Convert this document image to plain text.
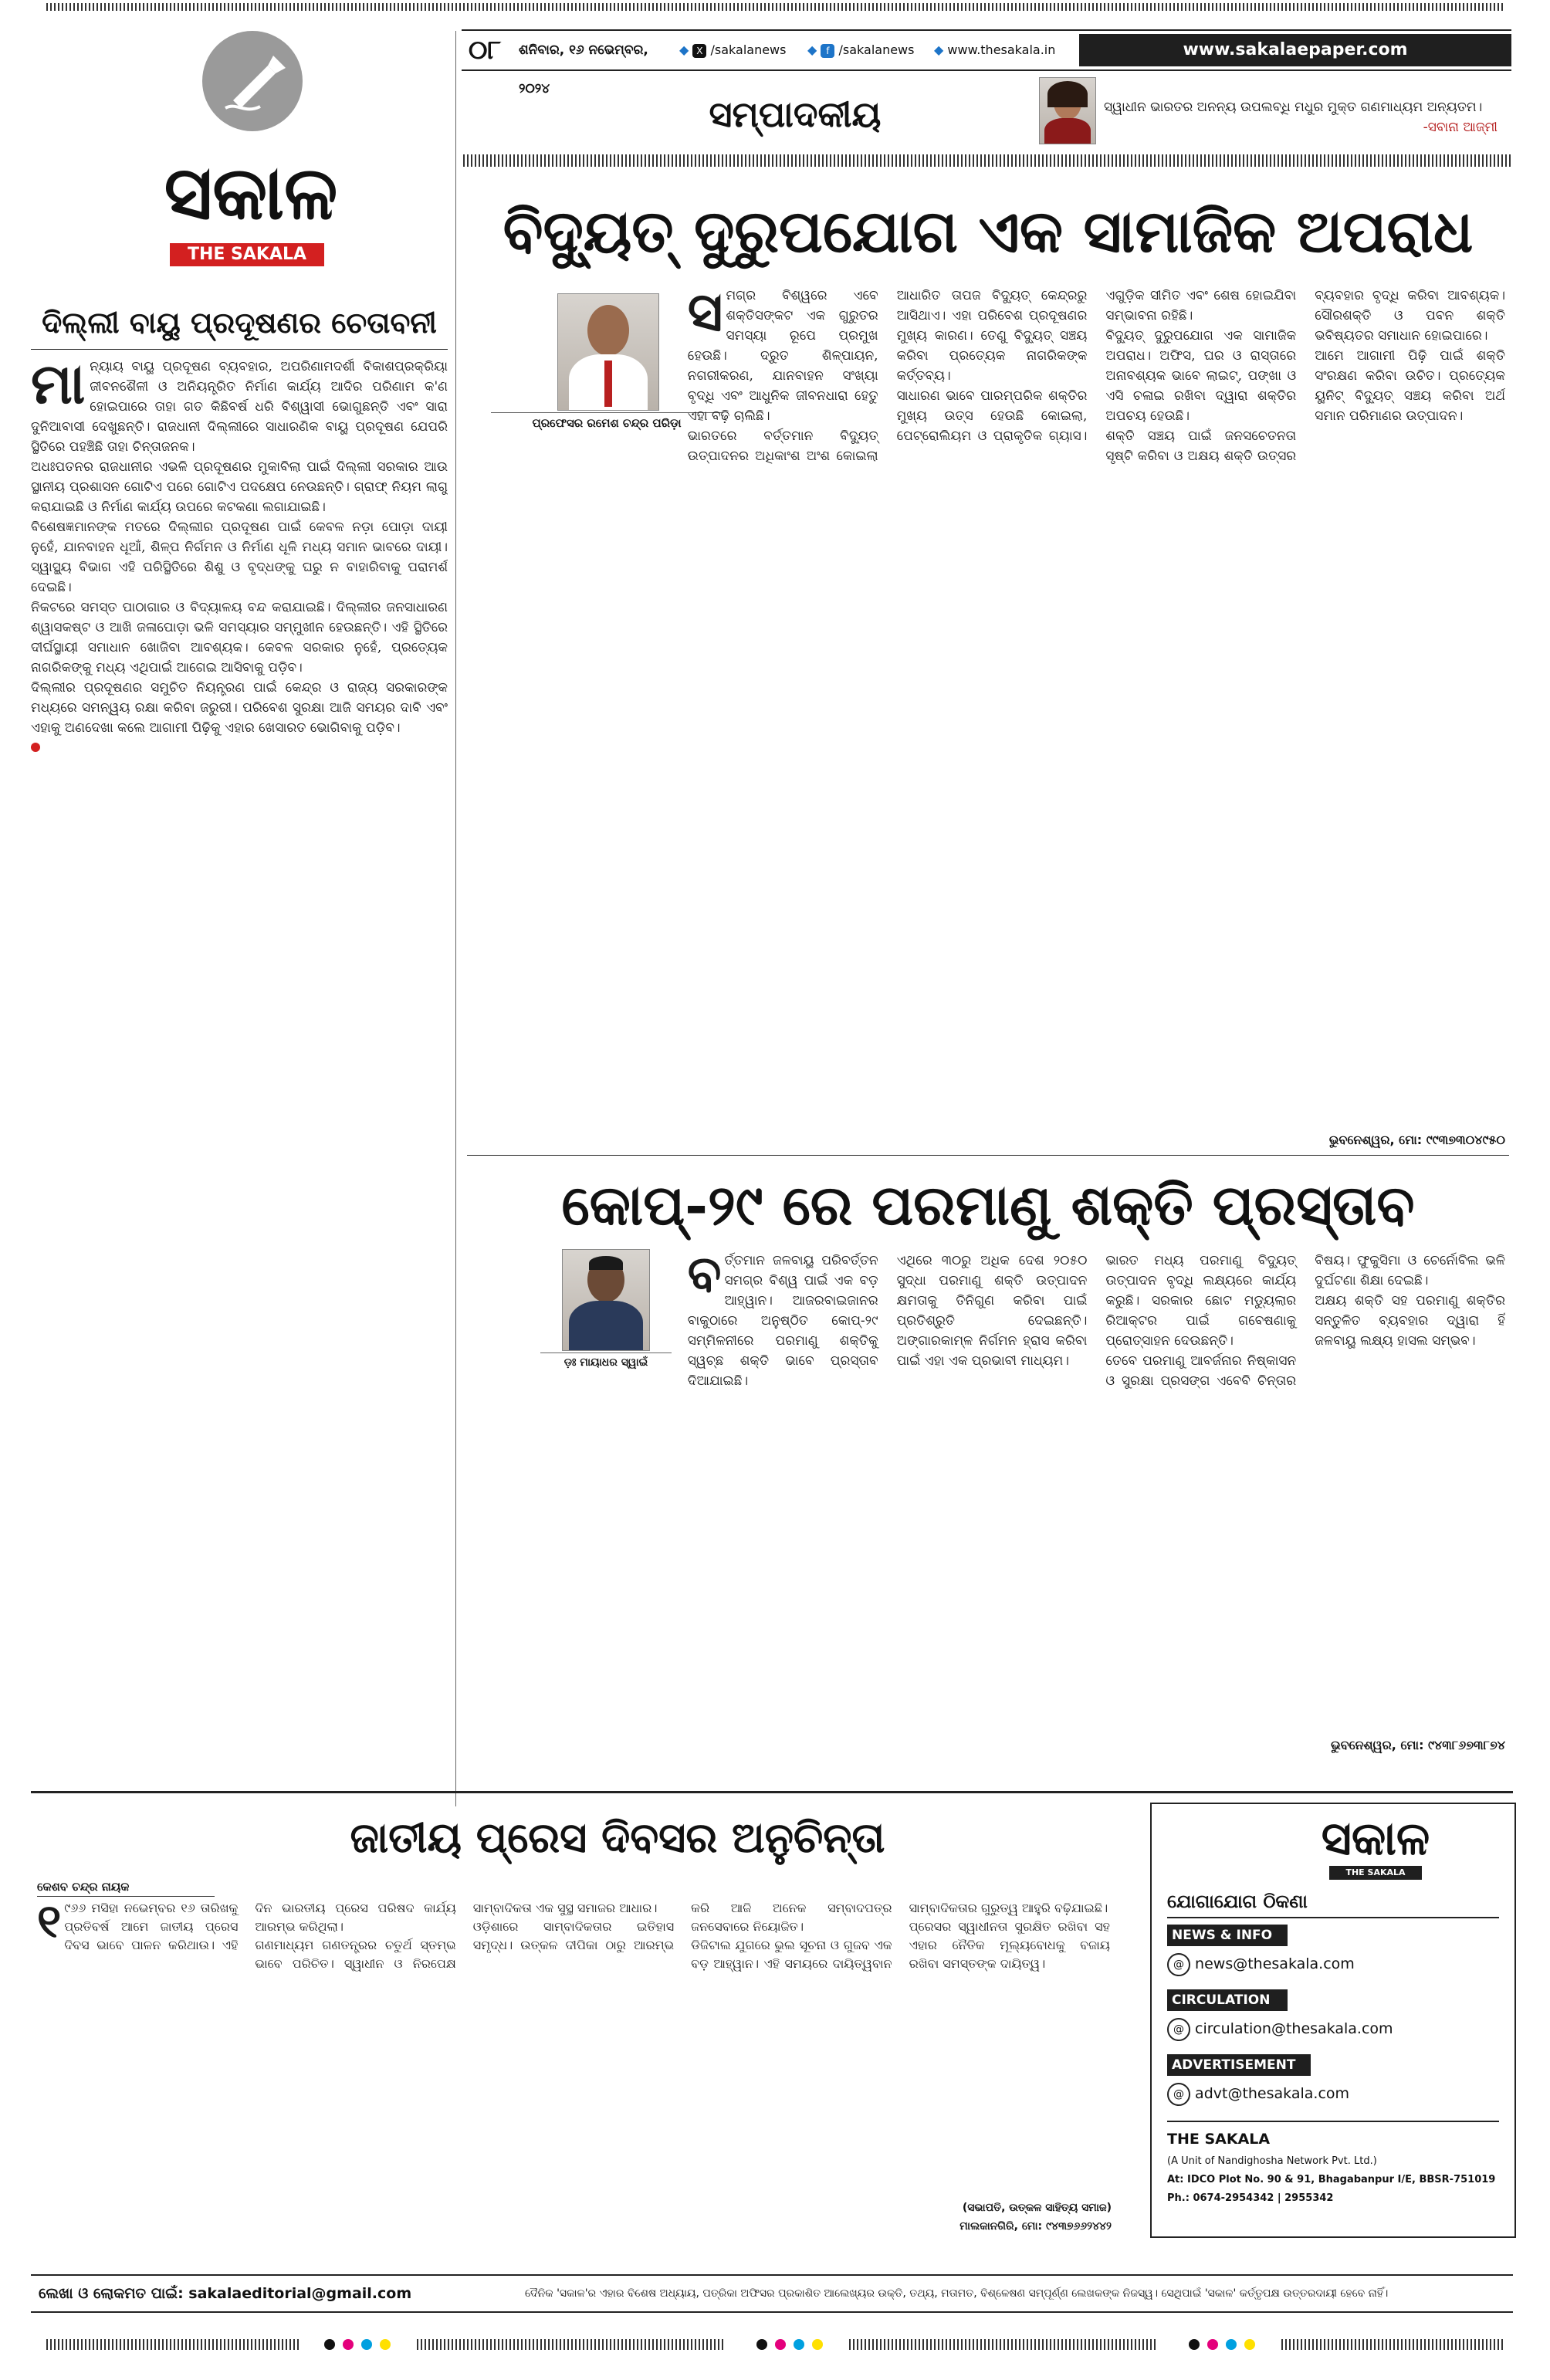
୦୮	ଶନିବାର, ୧୬ ନଭେମ୍ବର, ୨୦୨୪
◆ X /sakalanews	◆ f /sakalanews	◆ www.thesakala.in	www.sakalaepaper.com
ସକାଳ
THE SAKALA
ସମ୍ପାଦକୀୟ	ସ୍ୱାଧୀନ ଭାରତର ଅନନ୍ୟ ଉପଲବ୍ଧି ମଧୁର ମୁକ୍ତ ଗଣମାଧ୍ୟମ ଅନ୍ୟତମ।
-ସବାନା ଆଜ୍‌ମୀ
ଦିଲ୍ଲୀ ବାୟୁ ପ୍ରଦୂଷଣର ଚେତାବନୀ
ମା ନ୍ୟାୟ ବାୟୁ ପ୍ରଦୂଷଣ ବ୍ୟବହାର, ଅପରିଣାମଦର୍ଶୀ ବିକାଶପ୍ରକ୍ରିୟା ଜୀବନଶୈଳୀ ଓ ଅନିୟନ୍ତ୍ରିତ ନିର୍ମାଣ କାର୍ଯ୍ୟ ଆଦିର ପରିଣାମ କ'ଣ ହୋଇପାରେ ତାହା ଗତ କିଛିବର୍ଷ ଧରି ବିଶ୍ୱାସୀ ଭୋଗୁଛନ୍ତି ଏବଂ ସାରା ଦୁନିଆବାସୀ ଦେଖୁଛନ୍ତି। ରାଜଧାନୀ ଦିଲ୍ଲୀରେ ସାଧାରଣିକ ବାୟୁ ପ୍ରଦୂଷଣ ଯେପରି ସ୍ଥିତିରେ ପହଞ୍ଚିଛି ତାହା ଚିନ୍ତାଜନକ।

ଅଧଃପତନର ରାଜଧାନୀର ଏଭଳି ପ୍ରଦୂଷଣର ମୁକାବିଲା ପାଇଁ ଦିଲ୍ଲୀ ସରକାର ଆଉ ସ୍ଥାନୀୟ ପ୍ରଶାସନ ଗୋଟିଏ ପରେ ଗୋଟିଏ ପଦକ୍ଷେପ ନେଉଛନ୍ତି। ଗ୍ରାଫ୍ ନିୟମ ଲାଗୁ କରାଯାଇଛି ଓ ନିର୍ମାଣ କାର୍ଯ୍ୟ ଉପରେ କଟକଣା ଲଗାଯାଇଛି।

ବିଶେଷଜ୍ଞମାନଙ୍କ ମତରେ ଦିଲ୍ଲୀର ପ୍ରଦୂଷଣ ପାଇଁ କେବଳ ନଡ଼ା ପୋଡ଼ା ଦାୟୀ ନୁହେଁ, ଯାନବାହନ ଧୂଆଁ, ଶିଳ୍ପ ନିର୍ଗମନ ଓ ନିର୍ମାଣ ଧୂଳି ମଧ୍ୟ ସମାନ ଭାବରେ ଦାୟୀ। ସ୍ୱାସ୍ଥ୍ୟ ବିଭାଗ ଏହି ପରିସ୍ଥିତିରେ ଶିଶୁ ଓ ବୃଦ୍ଧଙ୍କୁ ଘରୁ ନ ବାହାରିବାକୁ ପରାମର୍ଶ ଦେଇଛି।

ନିକଟରେ ସମସ୍ତ ପାଠାଗାର ଓ ବିଦ୍ୟାଳୟ ବନ୍ଦ କରାଯାଇଛି। ଦିଲ୍ଲୀର ଜନସାଧାରଣ ଶ୍ୱାସକଷ୍ଟ ଓ ଆଖି ଜଳାପୋଡ଼ା ଭଳି ସମସ୍ୟାର ସମ୍ମୁଖୀନ ହେଉଛନ୍ତି। ଏହି ସ୍ଥିତିରେ ଦୀର୍ଘସ୍ଥାୟୀ ସମାଧାନ ଖୋଜିବା ଆବଶ୍ୟକ। କେବଳ ସରକାର ନୁହେଁ, ପ୍ରତ୍ୟେକ ନାଗରିକଙ୍କୁ ମଧ୍ୟ ଏଥିପାଇଁ ଆଗେଇ ଆସିବାକୁ ପଡ଼ିବ।

ଦିଲ୍ଲୀର ପ୍ରଦୂଷଣର ସମୁଚିତ ନିୟନ୍ତ୍ରଣ ପାଇଁ କେନ୍ଦ୍ର ଓ ରାଜ୍ୟ ସରକାରଙ୍କ ମଧ୍ୟରେ ସମନ୍ୱୟ ରକ୍ଷା କରିବା ଜରୁରୀ। ପରିବେଶ ସୁରକ୍ଷା ଆଜି ସମୟର ଦାବି ଏବଂ ଏହାକୁ ଅଣଦେଖା କଲେ ଆଗାମୀ ପିଢ଼ିକୁ ଏହାର ଖେସାରତ ଭୋଗିବାକୁ ପଡ଼ିବ।

ବିଦ୍ୟୁତ୍ ଦୁରୁପଯୋଗ ଏକ ସାମାଜିକ ଅପରାଧ
ପ୍ରଫେସର ରମେଶ ଚନ୍ଦ୍ର ପରିଡ଼ା
ସ ମଗ୍ର ବିଶ୍ୱରେ ଏବେ ଶକ୍ତିସଙ୍କଟ ଏକ ଗୁରୁତର ସମସ୍ୟା ରୂପେ ପ୍ରମୁଖ ହେଉଛି। ଦ୍ରୁତ ଶିଳ୍ପାୟନ, ନଗରୀକରଣ, ଯାନବାହନ ସଂଖ୍ୟା ବୃଦ୍ଧି ଏବଂ ଆଧୁନିକ ଜୀବନଧାରା ହେତୁ ଏହା ବଢ଼ି ଚାଲିଛି।

ଭାରତରେ ବର୍ତ୍ତମାନ ବିଦ୍ୟୁତ୍ ଉତ୍ପାଦନର ଅଧିକାଂଶ ଅଂଶ କୋଇଲା ଆଧାରିତ ତାପଜ ବିଦ୍ୟୁତ୍ କେନ୍ଦ୍ରରୁ ଆସିଥାଏ। ଏହା ପରିବେଶ ପ୍ରଦୂଷଣର ମୁଖ୍ୟ କାରଣ। ତେଣୁ ବିଦ୍ୟୁତ୍ ସଞ୍ଚୟ କରିବା ପ୍ରତ୍ୟେକ ନାଗରିକଙ୍କ କର୍ତ୍ତବ୍ୟ।

ସାଧାରଣ ଭାବେ ପାରମ୍ପରିକ ଶକ୍ତିର ମୁଖ୍ୟ ଉତ୍ସ ହେଉଛି କୋଇଲା, ପେଟ୍ରୋଲିୟମ ଓ ପ୍ରାକୃତିକ ଗ୍ୟାସ। ଏଗୁଡ଼ିକ ସୀମିତ ଏବଂ ଶେଷ ହୋଇଯିବା ସମ୍ଭାବନା ରହିଛି।

ବିଦ୍ୟୁତ୍ ଦୁରୁପଯୋଗ ଏକ ସାମାଜିକ ଅପରାଧ। ଅଫିସ, ଘର ଓ ରାସ୍ତାରେ ଅନାବଶ୍ୟକ ଭାବେ ଲାଇଟ୍, ପଙ୍ଖା ଓ ଏସି ଚଳାଇ ରଖିବା ଦ୍ୱାରା ଶକ୍ତିର ଅପଚୟ ହେଉଛି।

ଶକ୍ତି ସଞ୍ଚୟ ପାଇଁ ଜନସଚେତନତା ସୃଷ୍ଟି କରିବା ଓ ଅକ୍ଷୟ ଶକ୍ତି ଉତ୍ସର ବ୍ୟବହାର ବୃଦ୍ଧି କରିବା ଆବଶ୍ୟକ। ସୌରଶକ୍ତି ଓ ପବନ ଶକ୍ତି ଭବିଷ୍ୟତର ସମାଧାନ ହୋଇପାରେ।

ଆମେ ଆଗାମୀ ପିଢ଼ି ପାଇଁ ଶକ୍ତି ସଂରକ୍ଷଣ କରିବା ଉଚିତ। ପ୍ରତ୍ୟେକ ୟୁନିଟ୍ ବିଦ୍ୟୁତ୍ ସଞ୍ଚୟ କରିବା ଅର୍ଥ ସମାନ ପରିମାଣର ଉତ୍ପାଦନ।

ଭୁବନେଶ୍ୱର, ମୋ: ୯୯୩୭୩୦୪୯୫୦
କୋପ୍-୨୯ ରେ ପରମାଣୁ ଶକ୍ତି ପ୍ରସ୍ତାବ
ଡ଼ଃ ମାୟାଧର ସ୍ୱାଇଁ
ବ ର୍ତ୍ତମାନ ଜଳବାୟୁ ପରିବର୍ତ୍ତନ ସମଗ୍ର ବିଶ୍ୱ ପାଇଁ ଏକ ବଡ଼ ଆହ୍ୱାନ। ଆଜରବାଇଜାନର ବାକୁଠାରେ ଅନୁଷ୍ଠିତ କୋପ୍-୨୯ ସମ୍ମିଳନୀରେ ପରମାଣୁ ଶକ୍ତିକୁ ସ୍ୱଚ୍ଛ ଶକ୍ତି ଭାବେ ପ୍ରସ୍ତାବ ଦିଆଯାଇଛି।

ଏଥିରେ ୩୦ରୁ ଅଧିକ ଦେଶ ୨୦୫୦ ସୁଦ୍ଧା ପରମାଣୁ ଶକ୍ତି ଉତ୍ପାଦନ କ୍ଷମତାକୁ ତିନିଗୁଣ କରିବା ପାଇଁ ପ୍ରତିଶ୍ରୁତି ଦେଇଛନ୍ତି। ଅଙ୍ଗାରକାମ୍ଳ ନିର୍ଗମନ ହ୍ରାସ କରିବା ପାଇଁ ଏହା ଏକ ପ୍ରଭାବୀ ମାଧ୍ୟମ।

ଭାରତ ମଧ୍ୟ ପରମାଣୁ ବିଦ୍ୟୁତ୍ ଉତ୍ପାଦନ ବୃଦ୍ଧି ଲକ୍ଷ୍ୟରେ କାର୍ଯ୍ୟ କରୁଛି। ସରକାର ଛୋଟ ମଡ୍ୟୁଲାର ରିଆକ୍ଟର ପାଇଁ ଗବେଷଣାକୁ ପ୍ରୋତ୍ସାହନ ଦେଉଛନ୍ତି।

ତେବେ ପରମାଣୁ ଆବର୍ଜନାର ନିଷ୍କାସନ ଓ ସୁରକ୍ଷା ପ୍ରସଙ୍ଗ ଏବେବି ଚିନ୍ତାର ବିଷୟ। ଫୁକୁସିମା ଓ ଚେର୍ନୋବିଲ ଭଳି ଦୁର୍ଘଟଣା ଶିକ୍ଷା ଦେଇଛି।

ଅକ୍ଷୟ ଶକ୍ତି ସହ ପରମାଣୁ ଶକ୍ତିର ସନ୍ତୁଳିତ ବ୍ୟବହାର ଦ୍ୱାରା ହିଁ ଜଳବାୟୁ ଲକ୍ଷ୍ୟ ହାସଲ ସମ୍ଭବ।

ଭୁବନେଶ୍ୱର, ମୋ: ୯୪୩୮୬୭୩୮୭୪
ଜାତୀୟ ପ୍ରେସ ଦିବସର ଅନୁଚିନ୍ତା
କେଶବ ଚନ୍ଦ୍ର ନାୟକ
୧ ୯୬୬ ମସିହା ନଭେମ୍ବର ୧୬ ତାରିଖକୁ ପ୍ରତିବର୍ଷ ଆମେ ଜାତୀୟ ପ୍ରେସ ଦିବସ ଭାବେ ପାଳନ କରିଥାଉ। ଏହି ଦିନ ଭାରତୀୟ ପ୍ରେସ ପରିଷଦ କାର୍ଯ୍ୟ ଆରମ୍ଭ କରିଥିଲା।

ଗଣମାଧ୍ୟମ ଗଣତନ୍ତ୍ରର ଚତୁର୍ଥ ସ୍ତମ୍ଭ ଭାବେ ପରିଚିତ। ସ୍ୱାଧୀନ ଓ ନିରପେକ୍ଷ ସାମ୍ବାଦିକତା ଏକ ସୁସ୍ଥ ସମାଜର ଆଧାର।

ଓଡ଼ିଶାରେ ସାମ୍ବାଦିକତାର ଇତିହାସ ସମୃଦ୍ଧ। ଉତ୍କଳ ଦୀପିକା ଠାରୁ ଆରମ୍ଭ କରି ଆଜି ଅନେକ ସମ୍ବାଦପତ୍ର ଜନସେବାରେ ନିୟୋଜିତ।

ଡିଜିଟାଲ ଯୁଗରେ ଭୁଲ ସୂଚନା ଓ ଗୁଜବ ଏକ ବଡ଼ ଆହ୍ୱାନ। ଏହି ସମୟରେ ଦାୟିତ୍ୱବାନ ସାମ୍ବାଦିକତାର ଗୁରୁତ୍ୱ ଆହୁରି ବଢ଼ିଯାଇଛି।

ପ୍ରେସର ସ୍ୱାଧୀନତା ସୁରକ୍ଷିତ ରଖିବା ସହ ଏହାର ନୈତିକ ମୂଲ୍ୟବୋଧକୁ ବଜାୟ ରଖିବା ସମସ୍ତଙ୍କ ଦାୟିତ୍ୱ।

(ସଭାପତି, ଉତ୍କଳ ସାହିତ୍ୟ ସମାଜ)
ମାଲକାନଗିରି, ମୋ: ୯୪୩୭୬୬୨୪୪୨
ସକାଳ
THE SAKALA
ଯୋଗାଯୋଗ ଠିକଣା
NEWS & INFO
@ news@thesakala.com
CIRCULATION
@ circulation@thesakala.com
ADVERTISEMENT
@ advt@thesakala.com
THE SAKALA
(A Unit of Nandighosha Network Pvt. Ltd.)
At: IDCO Plot No. 90 & 91, Bhagabanpur I/E, BBSR-751019
Ph.: 0674-2954342 | 2955342
ଲେଖା ଓ ଲୋକମତ ପାଇଁ: sakalaeditorial@gmail.com	ଦୈନିକ 'ସକାଳ'ର ଏହାର ବିଶେଷ ଅଧ୍ୟାୟ, ପତ୍ରିକା ଅଫିସର ପ୍ରକାଶିତ ଆଲେଖ୍ୟର ଉକ୍ତି, ତଥ୍ୟ, ମତାମତ, ବିଶ୍ଳେଷଣ ସମ୍ପୂର୍ଣ୍ଣ ଲେଖକଙ୍କ ନିଜସ୍ୱ। ସେଥିପାଇଁ 'ସକାଳ' କର୍ତ୍ତୃପକ୍ଷ ଉତ୍ତରଦାୟୀ ହେବେ ନାହିଁ।
